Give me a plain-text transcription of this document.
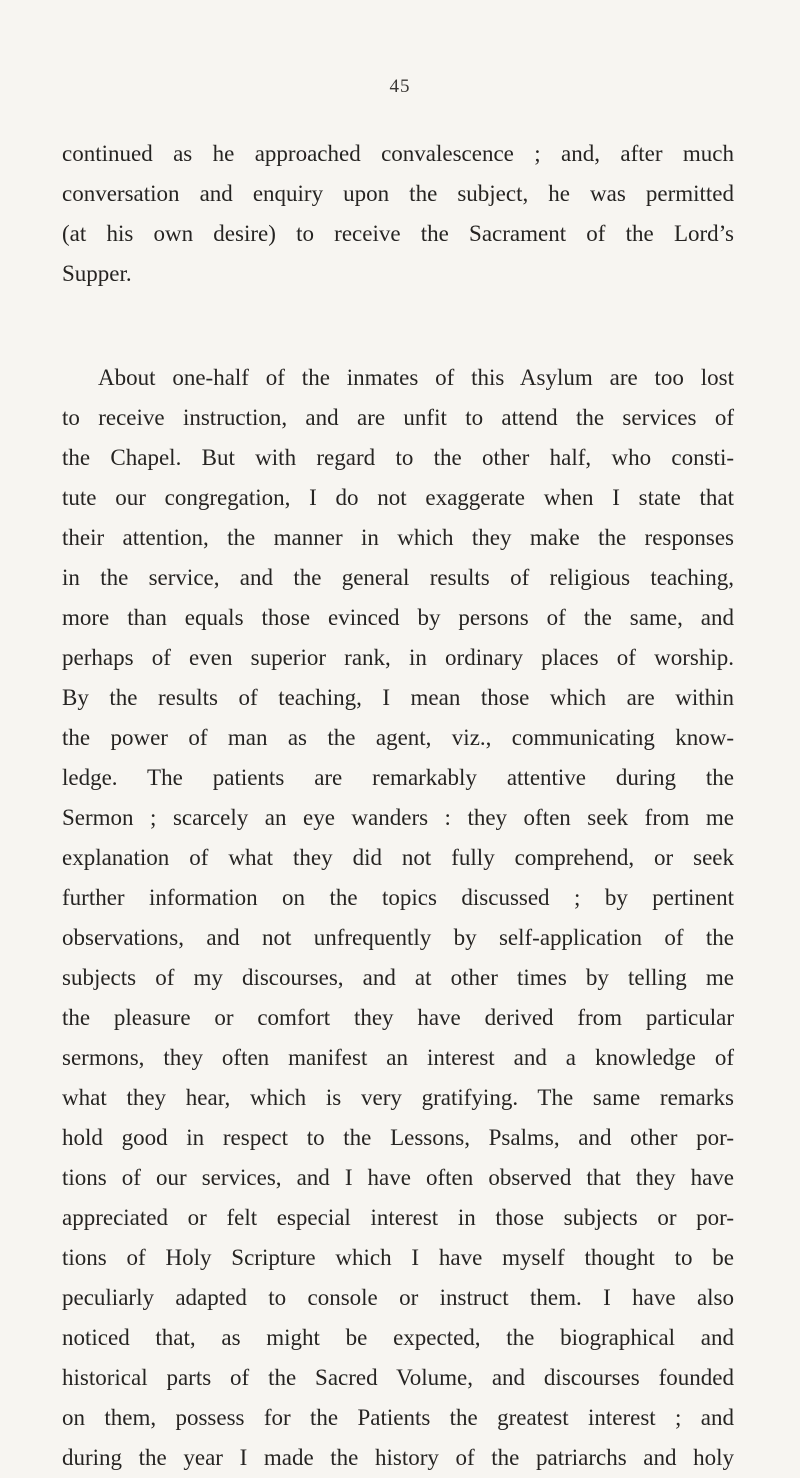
45
continued as he approached convalescence ; and, after much
conversation and enquiry upon the subject, he was permitted
(at his own desire) to receive the Sacrament of the Lord’s
Supper.
About one-half of the inmates of this Asylum are too lost
to receive instruction, and are unfit to attend the services of
the Chapel. But with regard to the other half, who consti-
tute our congregation, I do not exaggerate when I state that
their attention, the manner in which they make the responses
in the service, and the general results of religious teaching,
more than equals those evinced by persons of the same, and
perhaps of even superior rank, in ordinary places of worship.
By the results of teaching, I mean those which are within
the power of man as the agent, viz., communicating know-
ledge. The patients are remarkably attentive during the
Sermon ; scarcely an eye wanders : they often seek from me
explanation of what they did not fully comprehend, or seek
further information on the topics discussed ; by pertinent
observations, and not unfrequently by self-application of the
subjects of my discourses, and at other times by telling me
the pleasure or comfort they have derived from particular
sermons, they often manifest an interest and a knowledge of
what they hear, which is very gratifying. The same remarks
hold good in respect to the Lessons, Psalms, and other por-
tions of our services, and I have often observed that they have
appreciated or felt especial interest in those subjects or por-
tions of Holy Scripture which I have myself thought to be
peculiarly adapted to console or instruct them. I have also
noticed that, as might be expected, the biographical and
historical parts of the Sacred Volume, and discourses founded
on them, possess for the Patients the greatest interest ; and
during the year I made the history of the patriarchs and holy
